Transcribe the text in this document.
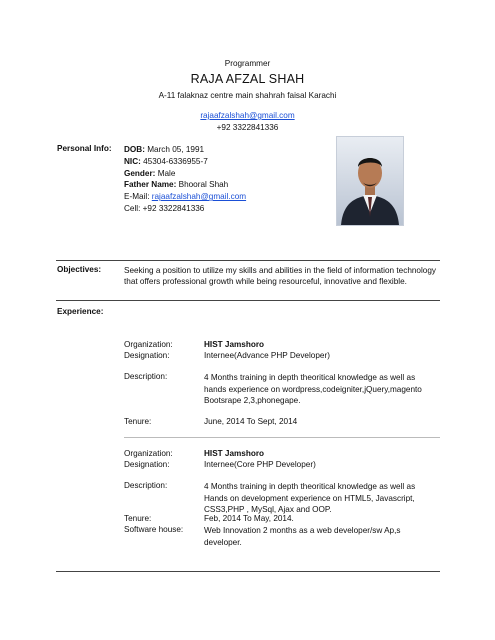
Programmer
RAJA AFZAL SHAH
A-11 falaknaz centre main shahrah faisal Karachi
rajaafzalshah@gmail.com
+92 3322841336
Personal Info: DOB: March 05, 1991
NIC: 45304-6336955-7
Gender: Male
Father Name: Bhooral Shah
E-Mail: rajaafzalshah@gmail.com
Cell: +92 3322841336
Objectives:	Seeking a position to utilize my skills and abilities in the field of information technology that offers professional growth while being resourceful, innovative and flexible.
Experience:
Organization:	HIST Jamshoro
Designation:	Internee(Advance PHP Developer)
Description:	4 Months training in depth theoritical knowledge as well as
hands experience on wordpress,codeigniter,jQuery,magento
Bootsrape 2,3,phonegape.
Tenure:	June, 2014 To Sept, 2014
Organization:	HIST Jamshoro
Designation:	Internee(Core PHP Developer)
Description:	4 Months training in depth theoritical knowledge as well as
Hands on development experience on HTML5, Javascript,
CSS3,PHP , MySql, Ajax and OOP.
Tenure:	Feb, 2014 To May, 2014.
Software house:	Web Innovation 2 months as a web developer/sw Ap,s
developer.
